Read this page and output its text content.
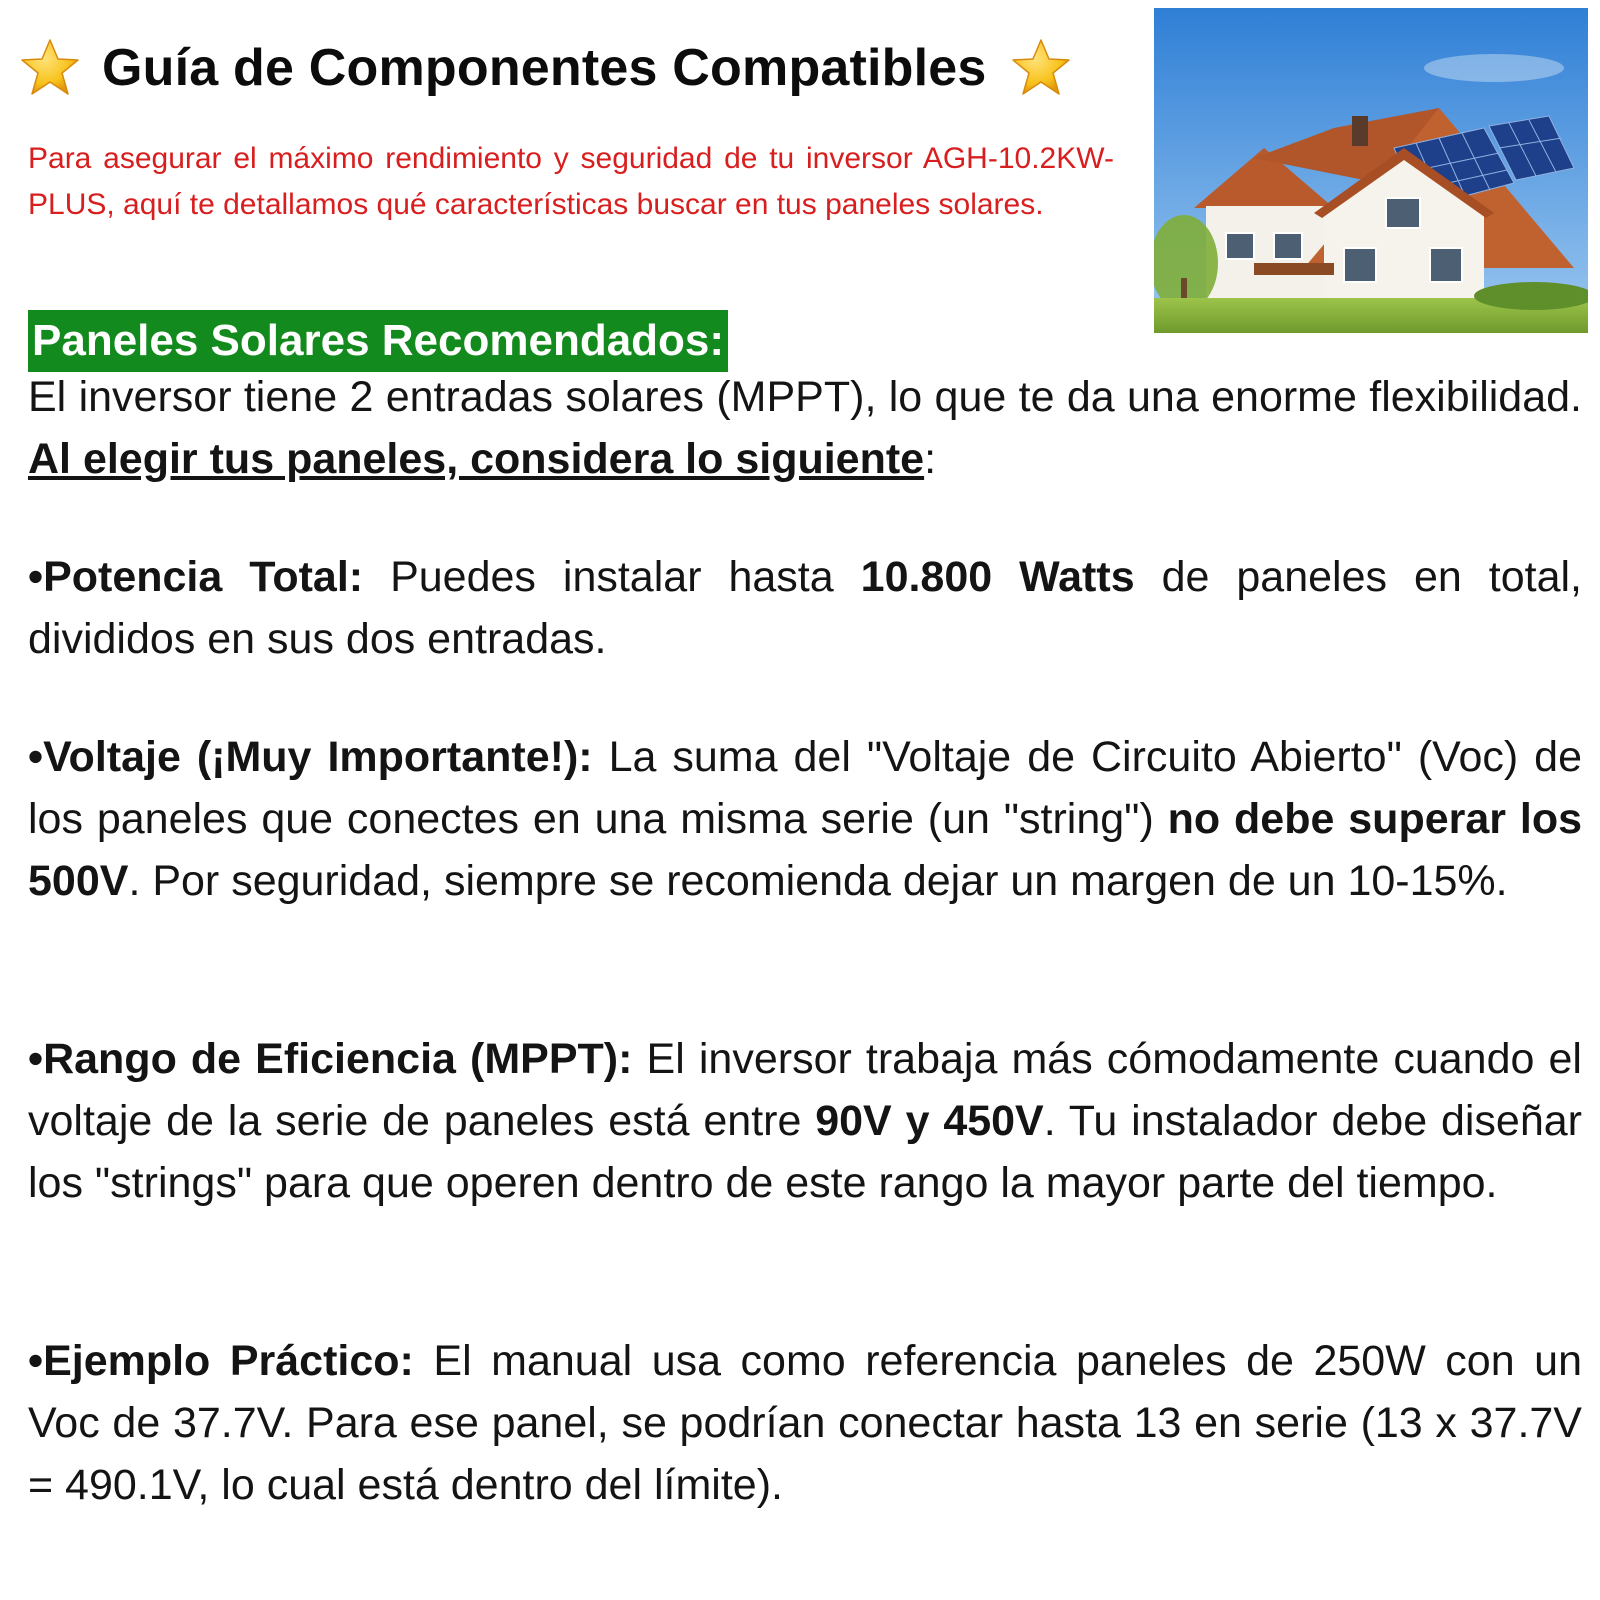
Guía de Componentes Compatibles

Para asegurar el máximo rendimiento y seguridad de tu inversor AGH-10.2KW-PLUS, aquí te detallamos qué características buscar en tus paneles solares.

Paneles Solares Recomendados:

El inversor tiene 2 entradas solares (MPPT), lo que te da una enorme flexibilidad. Al elegir tus paneles, considera lo siguiente:

•Potencia Total: Puedes instalar hasta 10.800 Watts de paneles en total, divididos en sus dos entradas.

•Voltaje (¡Muy Importante!): La suma del "Voltaje de Circuito Abierto" (Voc) de los paneles que conectes en una misma serie (un "string") no debe superar los 500V. Por seguridad, siempre se recomienda dejar un margen de un 10-15%.

•Rango de Eficiencia (MPPT): El inversor trabaja más cómodamente cuando el voltaje de la serie de paneles está entre 90V y 450V. Tu instalador debe diseñar los "strings" para que operen dentro de este rango la mayor parte del tiempo.

•Ejemplo Práctico: El manual usa como referencia paneles de 250W con un Voc de 37.7V. Para ese panel, se podrían conectar hasta 13 en serie (13 x 37.7V = 490.1V, lo cual está dentro del límite).
